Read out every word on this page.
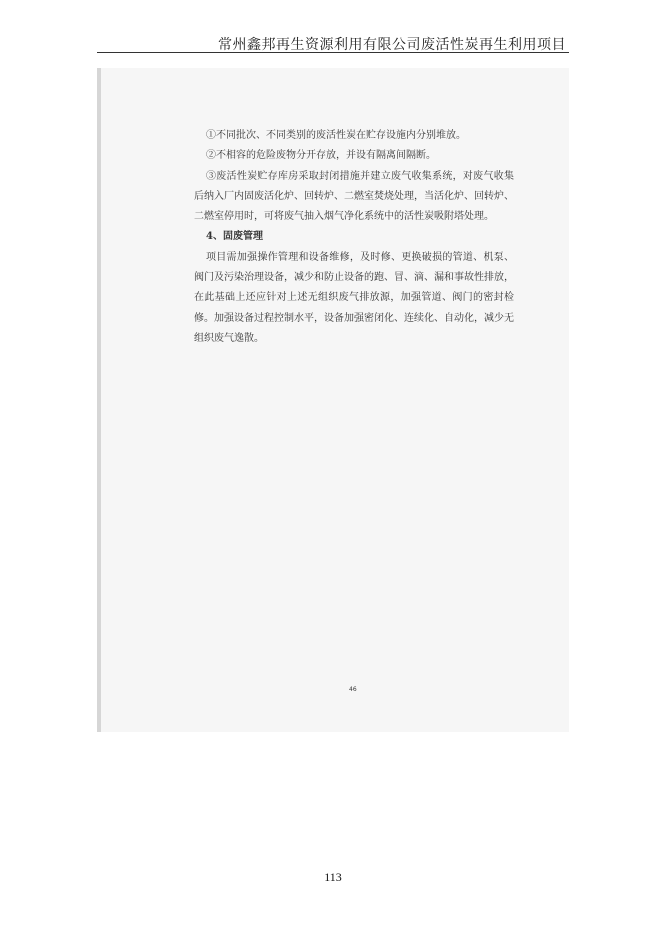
常州鑫邦再生资源利用有限公司废活性炭再生利用项目

①不同批次、不同类别的废活性炭在贮存设施内分别堆放。

②不相容的危险废物分开存放，并设有隔离间隔断。

③废活性炭贮存库房采取封闭措施并建立废气收集系统，对废气收集后纳入厂内固废活化炉、回转炉、二燃室焚烧处理，当活化炉、回转炉、二燃室停用时，可将废气抽入烟气净化系统中的活性炭吸附塔处理。

4、固废管理

项目需加强操作管理和设备维修，及时修、更换破损的管道、机泵、阀门及污染治理设备，减少和防止设备的跑、冒、滴、漏和事故性排放，在此基础上还应针对上述无组织废气排放源，加强管道、阀门的密封检修。加强设备过程控制水平，设备加强密闭化、连续化、自动化，减少无组织废气逸散。

46
113
